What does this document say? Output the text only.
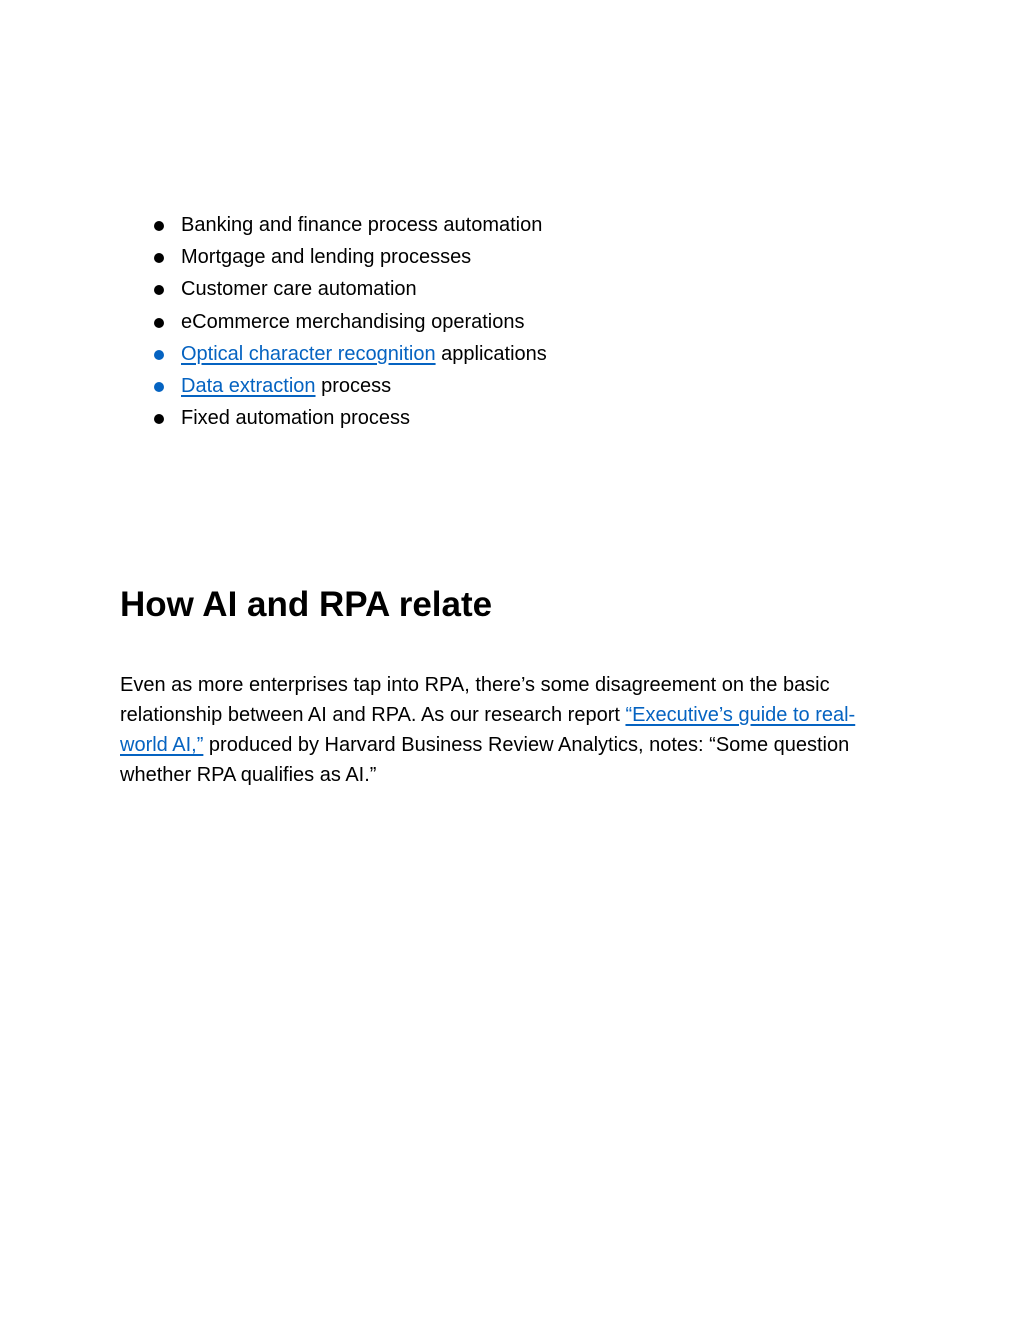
Banking and finance process automation
Mortgage and lending processes
Customer care automation
eCommerce merchandising operations
Optical character recognition applications
Data extraction process
Fixed automation process
How AI and RPA relate

Even as more enterprises tap into RPA, there’s some disagreement on the basic
relationship between AI and RPA. As our research report “Executive’s guide to real-
world AI,” produced by Harvard Business Review Analytics, notes: “Some question
whether RPA qualifies as AI.”
